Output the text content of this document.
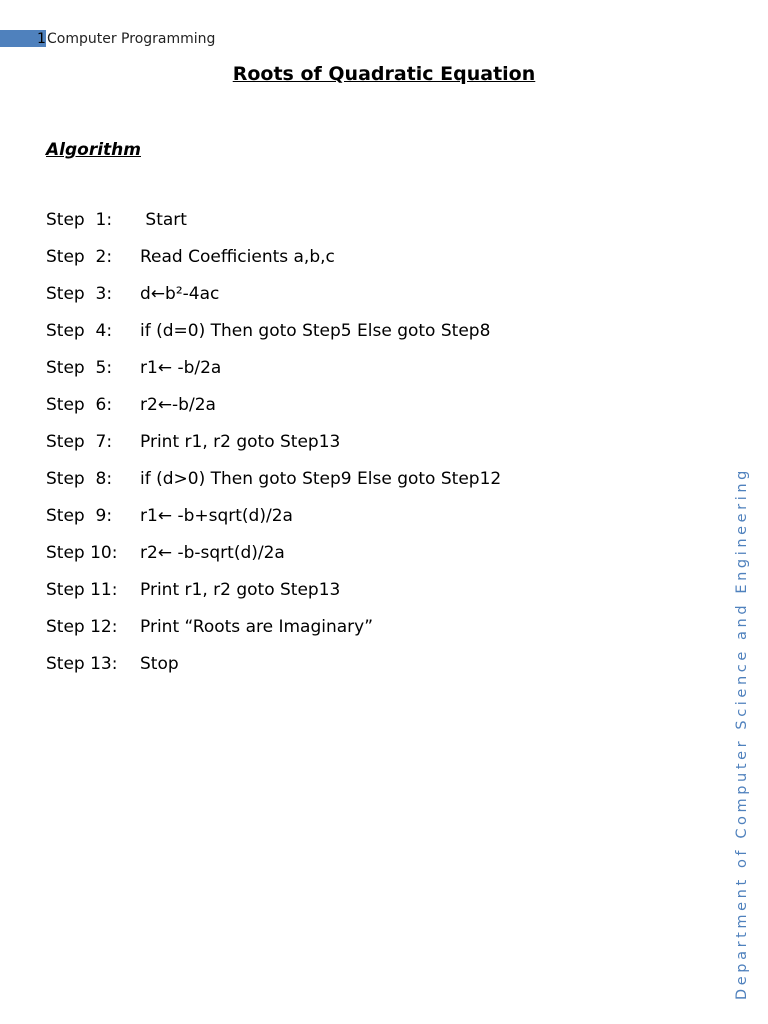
1 Computer Programming
Roots of Quadratic Equation
Algorithm
Step  1:	Start
Step  2:	Read Coefficients a,b,c
Step  3:	d←b²-4ac
Step  4:	if (d=0) Then goto Step5 Else goto Step8
Step  5:	r1← -b/2a
Step  6:	r2←-b/2a
Step  7:	Print r1, r2 goto Step13
Step  8:	if (d>0) Then goto Step9 Else goto Step12
Step  9:	r1← -b+sqrt(d)/2a
Step 10:	r2← -b-sqrt(d)/2a
Step 11:	Print r1, r2 goto Step13
Step 12:	Print “Roots are Imaginary”
Step 13:	Stop	Department of Computer Science and Engineering
